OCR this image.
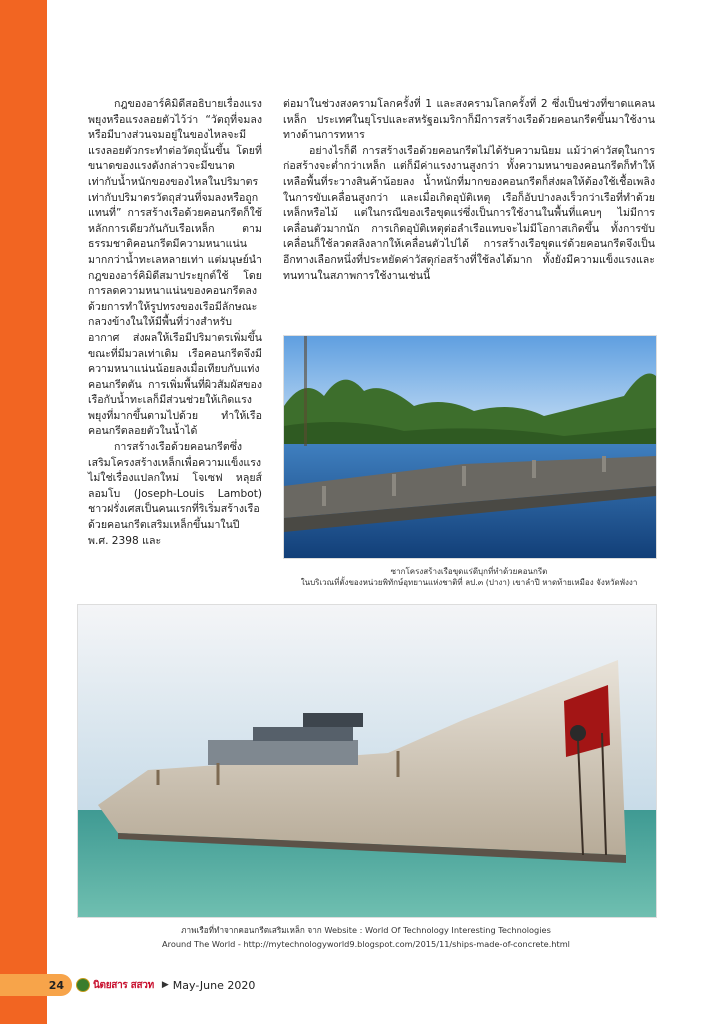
กฎของอาร์คิมิดีสอธิบายเรื่องแรงพยุงหรือแรงลอยตัวไว้ว่า “วัตถุที่จมลงหรือมีบางส่วนจมอยู่ในของไหลจะมีแรงลอยตัวกระทำต่อวัตถุนั้นขึ้น โดยที่ขนาดของแรงดังกล่าวจะมีขนาดเท่ากับน้ำหนักของของไหลในปริมาตรเท่ากับปริมาตรวัตถุส่วนที่จมลงหรือถูกแทนที่” การสร้างเรือด้วยคอนกรีตก็ใช้หลักการเดียวกันกับเรือเหล็ก ตามธรรมชาติคอนกรีตมีความหนาแน่นมากกว่าน้ำทะเลหลายเท่า แต่มนุษย์นำกฎของอาร์คิมิดีสมาประยุกต์ใช้ โดยการลดความหนาแน่นของคอนกรีตลงด้วยการทำให้รูปทรงของเรือมีลักษณะกลวงข้างในให้มีพื้นที่ว่างสำหรับอากาศ ส่งผลให้เรือมีปริมาตรเพิ่มขึ้นขณะที่มีมวลเท่าเดิม เรือคอนกรีตจึงมีความหนาแน่นน้อยลงเมื่อเทียบกับแท่งคอนกรีตตัน การเพิ่มพื้นที่ผิวสัมผัสของเรือกับน้ำทะเลก็มีส่วนช่วยให้เกิดแรงพยุงที่มากขึ้นตามไปด้วย ทำให้เรือคอนกรีตลอยตัวในน้ำได้

การสร้างเรือด้วยคอนกรีตซึ่งเสริมโครงสร้างเหล็กเพื่อความแข็งแรงไม่ใช่เรื่องแปลกใหม่ โจเซฟ หลุยส์ ลอมโบ (Joseph-Louis Lambot) ชาวฝรั่งเศสเป็นคนแรกที่ริเริ่มสร้างเรือด้วยคอนกรีตเสริมเหล็กขึ้นมาในปี พ.ศ. 2398 และ

ต่อมาในช่วงสงครามโลกครั้งที่ 1 และสงครามโลกครั้งที่ 2 ซึ่งเป็นช่วงที่ขาดแคลนเหล็ก ประเทศในยุโรปและสหรัฐอเมริกาก็มีการสร้างเรือด้วยคอนกรีตขึ้นมาใช้งานทางด้านการทหาร

อย่างไรก็ดี การสร้างเรือด้วยคอนกรีตไม่ได้รับความนิยม แม้ว่าค่าวัสดุในการก่อสร้างจะต่ำกว่าเหล็ก แต่ก็มีค่าแรงงานสูงกว่า ทั้งความหนาของคอนกรีตก็ทำให้เหลือพื้นที่ระวางสินค้าน้อยลง น้ำหนักที่มากของคอนกรีตก็ส่งผลให้ต้องใช้เชื้อเพลิงในการขับเคลื่อนสูงกว่า และเมื่อเกิดอุบัติเหตุ เรือก็อับปางลงเร็วกว่าเรือที่ทำด้วยเหล็กหรือไม้ แต่ในกรณีของเรือขุดแร่ซึ่งเป็นการใช้งานในพื้นที่แคบๆ ไม่มีการเคลื่อนตัวมากนัก การเกิดอุบัติเหตุต่อลำเรือแทบจะไม่มีโอกาสเกิดขึ้น ทั้งการขับเคลื่อนก็ใช้ลวดสลิงลากให้เคลื่อนตัวไปได้ การสร้างเรือขุดแร่ด้วยคอนกรีตจึงเป็นอีกทางเลือกหนึ่งที่ประหยัดค่าวัสดุก่อสร้างที่ใช้ลงได้มาก ทั้งยังมีความแข็งแรงและทนทานในสภาพการใช้งานเช่นนี้

ซากโครงสร้างเรือขุดแร่ดีบุกที่ทำด้วยคอนกรีต
ในบริเวณที่ตั้งของหน่วยพิทักษ์อุทยานแห่งชาติที่ ลป.๓ (ปางา) เขาลำปี หาดท้ายเหมือง จังหวัดพังงา
ภาพเรือที่ทำจากคอนกรีตเสริมเหล็ก จาก Website : World Of Technology Interesting Technologies
Around The World - http://mytechnologyworld9.blogspot.com/2015/11/ships-made-of-concrete.html
24	นิตยสาร สสวท ▶ May-June 2020
